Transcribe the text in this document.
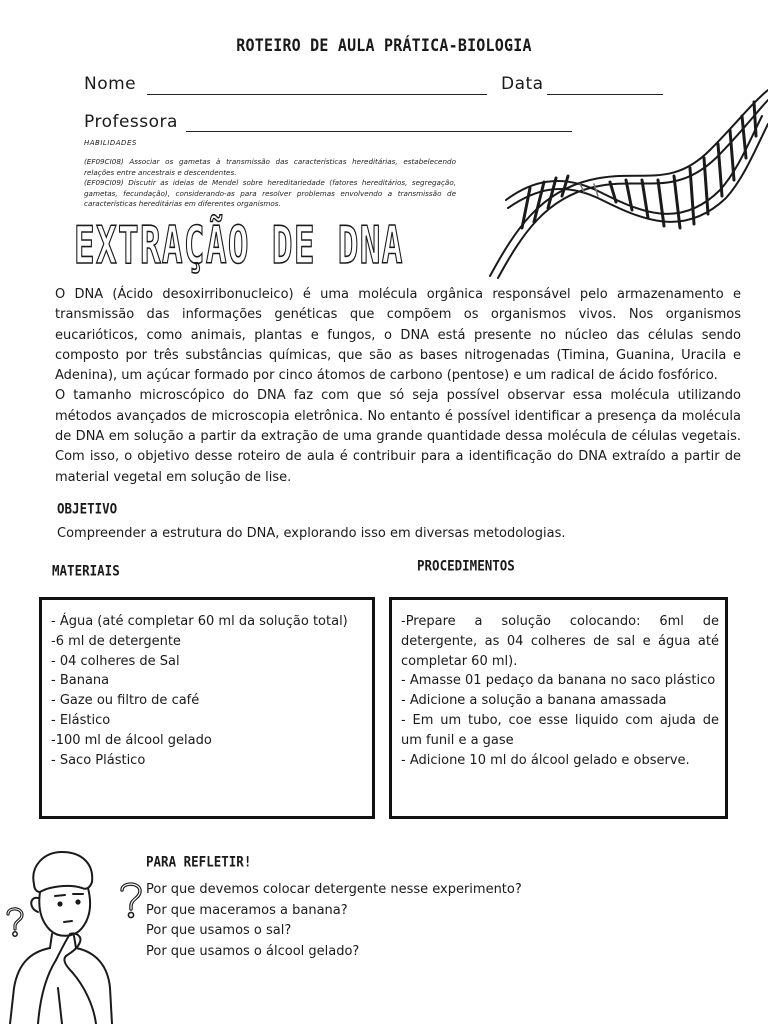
ROTEIRO DE AULA PRÁTICA-BIOLOGIA
Nome	Data
Professora
HABILIDADES
(EF09CI08) Associar os gametas à transmissão das características hereditárias, estabelecendo relações entre ancestrais e descendentes.
(EF09CI09) Discutir as ideias de Mendel sobre hereditariedade (fatores hereditários, segregação, gametas, fecundação), considerando-as para resolver problemas envolvendo a transmissão de características hereditárias em diferentes organismos.
EXTRAÇÃO DE DNA

O DNA (Ácido desoxirribonucleico) é uma molécula orgânica responsável pelo armazenamento e transmissão das informações genéticas que compõem os organismos vivos. Nos organismos eucarióticos, como animais, plantas e fungos, o DNA está presente no núcleo das células sendo composto por três substâncias químicas, que são as bases nitrogenadas (Timina, Guanina, Uracila e Adenina), um açúcar formado por cinco átomos de carbono (pentose) e um radical de ácido fosfórico.

O tamanho microscópico do DNA faz com que só seja possível observar essa molécula utilizando métodos avançados de microscopia eletrônica. No entanto é possível identificar a presença da molécula de DNA em solução a partir da extração de uma grande quantidade dessa molécula de células vegetais. Com isso, o objetivo desse roteiro de aula é contribuir para a identificação do DNA extraído a partir de material vegetal em solução de lise.

OBJETIVO
Compreender a estrutura do DNA, explorando isso em diversas metodologias.
MATERIAIS	PROCEDIMENTOS
- Água (até completar 60 ml da solução total)
-6 ml de detergente
- 04 colheres de Sal
- Banana
- Gaze ou filtro de café
- Elástico
-100 ml de álcool gelado
- Saco Plástico
-Prepare a solução colocando: 6ml de detergente, as 04 colheres de sal e água até completar 60 ml).
- Amasse 01 pedaço da banana no saco plástico
- Adicione a solução a banana amassada
- Em um tubo, coe esse liquido com ajuda de um funil e a gase
- Adicione 10 ml do álcool gelado e observe.
PARA REFLETIR!
Por que devemos colocar detergente nesse experimento?
Por que maceramos a banana?
Por que usamos o sal?
Por que usamos o álcool gelado?
